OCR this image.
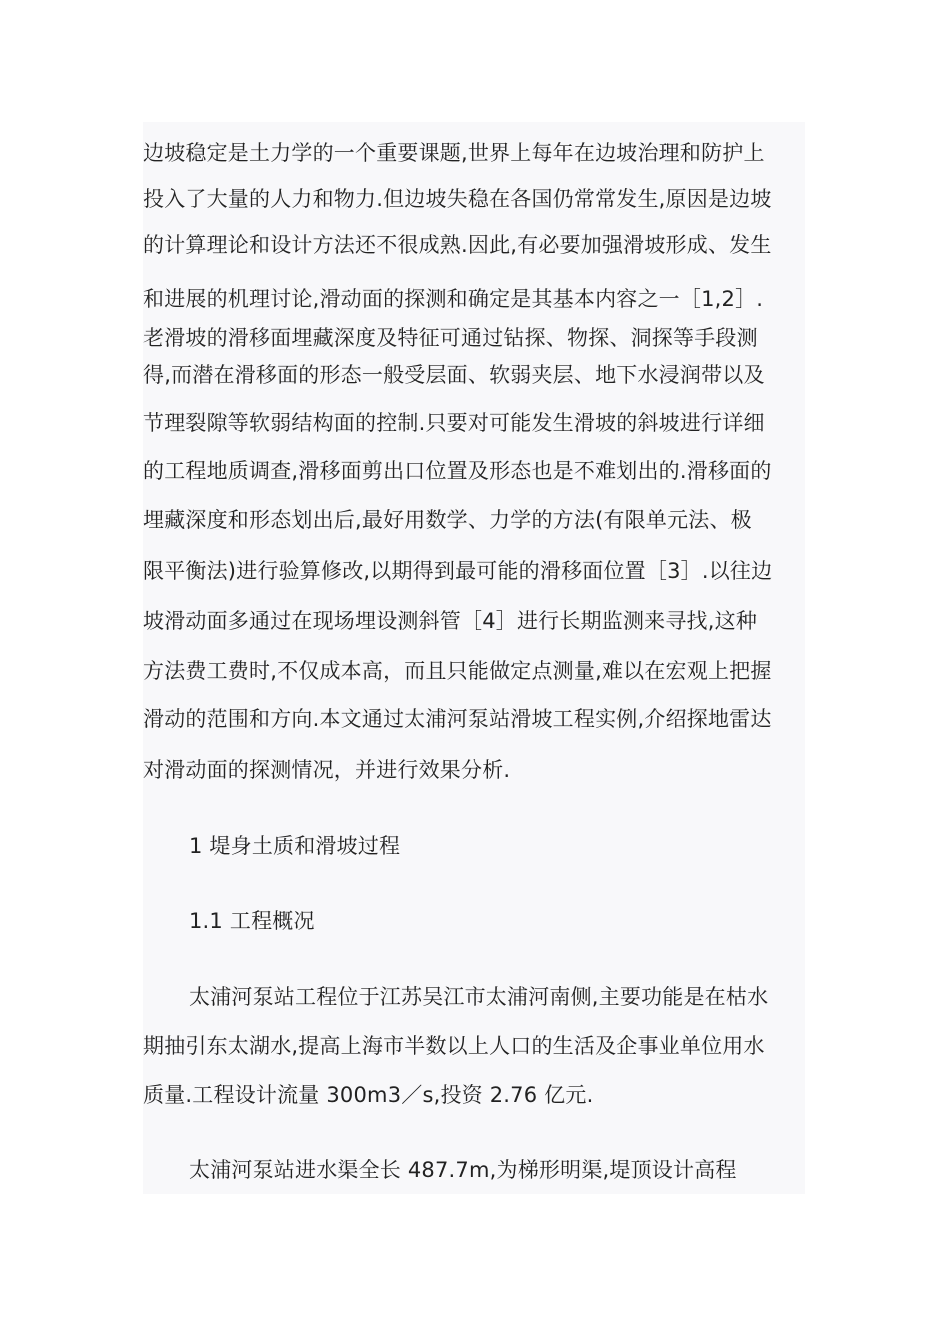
边坡稳定是土力学的一个重要课题,世界上每年在边坡治理和防护上
投入了大量的人力和物力.但边坡失稳在各国仍常常发生,原因是边坡
的计算理论和设计方法还不很成熟.因此,有必要加强滑坡形成、发生
和进展的机理讨论,滑动面的探测和确定是其基本内容之一［1,2］.
老滑坡的滑移面埋藏深度及特征可通过钻探、物探、洞探等手段测
得,而潜在滑移面的形态一般受层面、软弱夹层、地下水浸润带以及
节理裂隙等软弱结构面的控制.只要对可能发生滑坡的斜坡进行详细
的工程地质调查,滑移面剪出口位置及形态也是不难划出的.滑移面的
埋藏深度和形态划出后,最好用数学、力学的方法(有限单元法、极
限平衡法)进行验算修改,以期得到最可能的滑移面位置［3］.以往边
坡滑动面多通过在现场埋设测斜管［4］进行长期监测来寻找,这种
方法费工费时,不仅成本高，而且只能做定点测量,难以在宏观上把握
滑动的范围和方向.本文通过太浦河泵站滑坡工程实例,介绍探地雷达
对滑动面的探测情况，并进行效果分析.
1 堤身土质和滑坡过程
1.1 工程概况
太浦河泵站工程位于江苏吴江市太浦河南侧,主要功能是在枯水
期抽引东太湖水,提高上海市半数以上人口的生活及企事业单位用水
质量.工程设计流量 300m3／s,投资 2.76 亿元.
太浦河泵站进水渠全长 487.7m,为梯形明渠,堤顶设计高程
